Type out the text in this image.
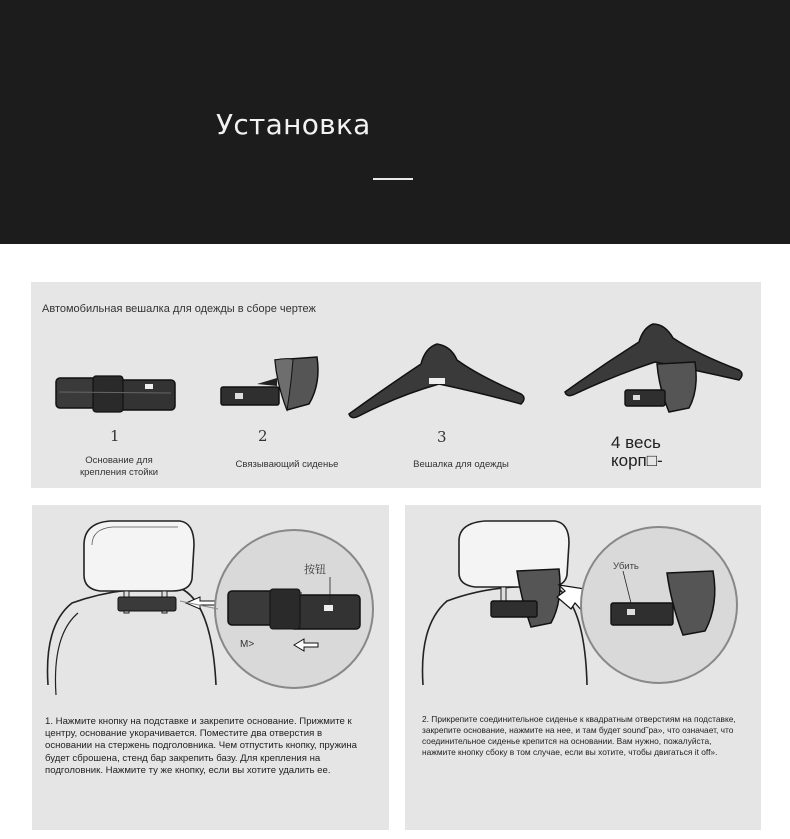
Установка
Автомобильная вешалка для одежды в сборе чертеж
1
Основание для
крепления стойки
2
Связывающий сиденье
3
Вешалка для одежды
4 весь
корп□-
按钮
M>
1. Нажмите кнопку на подставке и закрепите основание. Прижмите к центру, основание укорачивается. Поместите два отверстия в основании на стержень подголовника. Чем отпустить кнопку, пружина будет сброшена, стенд бар закрепить базу. Для крепления на подголовник. Нажмите ту же кнопку, если вы хотите удалить ее.
Убить
2. Прикрепите соединительное сиденье к квадратным отверстиям на подставке, закрепите основание, нажмите на нее, и там будет sound˜pa», что означает, что соединительное сиденье крепится на основании. Вам нужно, пожалуйста, нажмите кнопку сбоку в том случае, если вы хотите, чтобы двигаться it off».
